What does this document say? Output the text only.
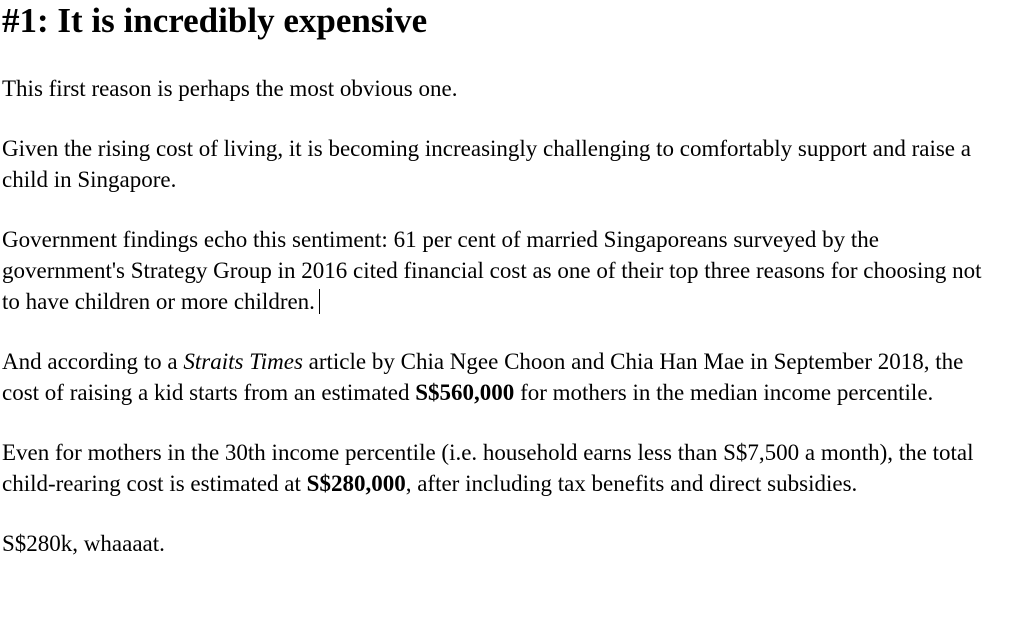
#1: It is incredibly expensive

This first reason is perhaps the most obvious one.

Given the rising cost of living, it is becoming increasingly challenging to comfortably support and raise a child in Singapore.

Government findings echo this sentiment: 61 per cent of married Singaporeans surveyed by the government's Strategy Group in 2016 cited financial cost as one of their top three reasons for choosing not to have children or more children.

And according to a Straits Times article by Chia Ngee Choon and Chia Han Mae in September 2018, the cost of raising a kid starts from an estimated S$560,000 for mothers in the median income percentile.

Even for mothers in the 30th income percentile (i.e. household earns less than S$7,500 a month), the total child-rearing cost is estimated at S$280,000, after including tax benefits and direct subsidies.

S$280k, whaaaat.
